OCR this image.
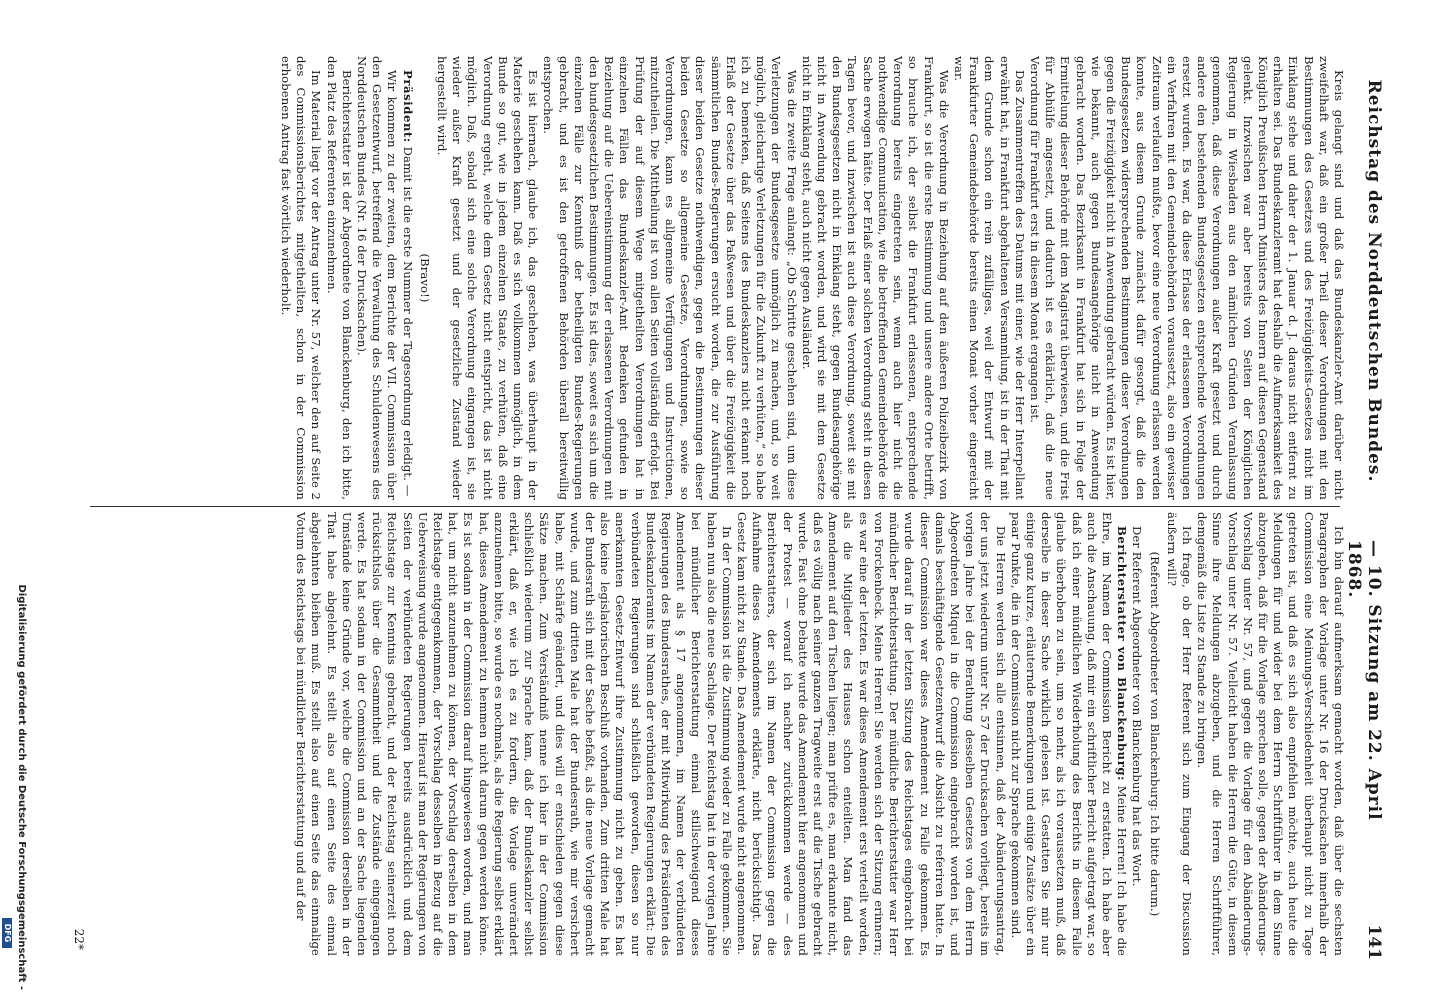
Reichstag des Norddeutschen Bundes.
— 10. Sitzung am 22. April 1868.
141

Kreis gelangt sind und daß das Bundeskanzler-Amt darüber nicht zweifelhaft war, daß ein großer Theil dieser Verordnungen mit den Bestimmungen des Gesetzes und des Freizügigkeits-Gesetzes nicht im Einklang stehe und daher der 1. Januar d. J. daraus nicht entfernt zu erhalten sei. Das Bundeskanzleramt hat deshalb die Aufmerksamkeit des Königlich Preußischen Herrn Ministers des Innern auf diesen Gegenstand gelenkt. Inzwischen war aber bereits von Seiten der Königlichen Regierung in Wiesbaden aus den nämlichen Gründen Veranlassung genommen, daß diese Verordnungen außer Kraft gesetzt und durch andere den bestehenden Bundesgesetzen entsprechende Verordnungen ersetzt wurden. Es war, da diese Erlasse der erlassenen Verordnungen ein Verfahren mit den Gemeindebehörden voraussetzt, also ein gewisser Zeitraum verlaufen mußte, bevor eine neue Verordnung erlassen werden konnte, aus diesem Grunde zunächst dafür gesorgt, daß die den Bundesgesetzen widersprechenden Bestimmungen dieser Verordnungen gegen die Freizügigkeit nicht in Anwendung gebracht würden. Es ist hier, wie bekannt, auch gegen Bundesangehörige nicht in Anwendung gebracht worden. Das Bezirksamt in Frankfurt hat sich in Folge der Ermittelung dieser Behörde mit dem Magistrat überwiesen, und die Frist für Abhülfe angesetzt, und dadurch ist es erklärlich, daß die neue Verordnung für Frankfurt erst in diesem Monat ergangen ist.

Das Zusammentreffen des Datums mit einer, wie der Herr Interpellant erwähnt hat, in Frankfurt abgehaltenen Versammlung, ist in der That mit dem Grunde schon ein rein zufälliges, weil der Entwurf mit der Frankfurter Gemeindebehörde bereits einen Monat vorher eingereicht war.

Was die Verordnung in Beziehung auf den äußeren Polizeibezirk von Frankfurt, so ist die erste Bestimmung und unsere andere Orte betrifft, so brauche ich, der selbst die Frankfurt erlassenen, entsprechende Verordnung bereits eingetreten sein, wenn auch hier nicht die nothwendige Communication, wie die betreffenden Gemeindebehörde die Sache erwogen hätte. Der Erlaß einer solchen Verordnung steht in diesen Tagen bevor, und inzwischen ist auch diese Verordnung, soweit sie mit den Bundesgesetzen nicht in Einklang steht, gegen Bundesangehörige nicht in Anwendung gebracht worden, und wird sie mit dem Gesetze nicht in Einklang steht, auch nicht gegen Ausländer.

Was die zweite Frage anlangt: „Ob Schritte geschehen sind, um diese Verletzungen der Bundesgesetze unmöglich zu machen, und, so weit möglich, gleichartige Verletzungen für die Zukunft zu verhüten,“ so habe ich zu bemerken, daß Seitens des Bundeskanzlers nicht erkannt noch Erlaß der Gesetze über das Paßwesen und über die Freizügigkeit die sämmtlichen Bundes-Regierungen ersucht worden, die zur Ausführung dieser beiden Gesetze nothwendigen, gegen die Bestimmungen dieser beiden Gesetze so allgemeine Gesetze, Verordnungen, sowie so Verordnungen, kann es allgemeine Verfügungen und Instructionen, mitzutheilen. Die Mittheilung ist von allen Seiten vollständig erfolgt. Bei Prüfung der auf diesem Wege mitgetheilten Verordnungen hat in einzelnen Fällen das Bundeskanzler-Amt Bedenken gefunden in Beziehung auf die Uebereinstimmung der erlassenen Verordnungen mit den bundesgesetzlichen Bestimmungen. Es ist dies, soweit es sich um die einzelnen Fälle zur Kenntniß der betheiligten Bundes-Regierungen gebracht, und es ist den getroffenen Behörden überall bereitwillig entsprochen.

Es ist hiernach, glaube ich, das geschehen, was überhaupt in der Materie geschehen kann. Daß es sich vollkommen unmöglich, in dem Bunde so gut, wie in jedem einzelnen Staate, zu verhüten, daß eine Verordnung ergeht, welche dem Gesetz nicht entspricht, das ist nicht möglich. Daß, sobald sich eine solche Verordnung eingangen ist, sie wieder außer Kraft gesetzt und der gesetzliche Zustand wieder hergestellt wird.

(Bravo!)

Präsident: Damit ist die erste Nummer der Tagesordnung erledigt. —

Wir kommen zu der zweiten, dem Berichte der VII. Commission über den Gesetzentwurf, betreffend die Verwaltung des Schuldenwesens des Norddeutschen Bundes (Nr. 16 der Drucksachen).

Berichterstatter ist der Abgeordnete von Blanckenburg, den ich bitte, den Platz des Referenten einzunehmen.

Im Material liegt vor der Antrag unter Nr. 57, welcher den auf Seite 2 des Commissionsberichtes mitgetheilten, schon in der Commission erhobenen Antrag fast wörtlich wiederholt.

Ich bin darauf aufmerksam gemacht worden, daß über die sechsten Paragraphen der Vorlage unter Nr. 16 der Drucksachen innerhalb der Commission eine Meinungs-Verschiedenheit überhaupt nicht zu Tage getreten ist, und daß es sich also empfehlen möchte, auch heute die Meldungen für und wider bei dem Herrn Schriftführer in dem Sinne abzugeben, daß für die Vorlage sprechen solle, gegen der Abänderungs-Vorschlag unter Nr. 57, und gegen die Vorlage für den Abänderungs-Vorschlag unter Nr. 57. Vielleicht haben die Herren die Güte, in diesem Sinne ihre Meldungen abzugeben, und die Herren Schriftführer, demgemäß die Liste zu Stande zu bringen.

Ich frage, ob der Herr Referent sich zum Eingang der Discussion äußern will?

(Referent Abgeordneter von Blanckenburg: Ich bitte darum.)

Der Referent Abgeordneter von Blanckenburg hat das Wort.

Berichterstatter von Blanckenburg: Meine Herren! Ich habe die Ehre, im Namen der Commission Bericht zu erstatten. Ich habe aber auch die Anschauung, daß mir ein schriftlicher Bericht aufgetragt war, so daß ich einer mündlichen Wiederholung des Berichts in diesem Falle glaube überhoben zu sein, um so mehr, als ich voraussetzen muß, daß derselbe in dieser Sache wirklich gelesen ist. Gestatten Sie mir nur einige ganz kurze, erläuternde Bemerkungen und einige Zusätze über ein paar Punkte, die in der Commission nicht zur Sprache gekommen sind.

Die Herren werden sich alle entsinnen, daß der Abänderungsantrag, der uns jetzt wiederum unter Nr. 57 der Drucksachen vorliegt, bereits im vorigen Jahre bei der Berathung desselben Gesetzes von dem Herrn Abgeordneten Miquel in die Commission eingebracht worden ist, und damals beschäftigende Gesetzentwurf die Absicht zu referiren hatte. In dieser Commission war dieses Amendement zu Falle gekommen. Es wurde darauf in der letzten Sitzung des Reichstages eingebracht bei mündlicher Berichterstattung. Der mündliche Berichterstatter war Herr von Forckenbeck. Meine Herren! Sie werden sich der Sitzung erinnern; es war eine der letzten. Es war dieses Amendement erst verteilt worden, als die Mitglieder des Hauses schon enteilten. Man fand das Amendement auf den Tischen liegen; man prüfte es, man erkannte nicht, daß es völlig nach seiner ganzen Tragweite erst auf die Tische gebracht wurde. Fast ohne Debatte wurde das Amendement hier angenommen und der Protest — worauf ich nachher zurückkommen werde — des Berichterstatters, der sich im Namen der Commission gegen die Aufnahme dieses Amendements erklärte, nicht berücksichtigt. Das Gesetz kam nicht zu Stande. Das Amendement wurde nicht angenommen.

In der Commission ist die Zustimmung wieder zu Falle gekommen. Sie haben nun also die neue Sachlage. Der Reichstag hat in der vorigen Jahre bei mündlicher Berichterstattung einmal stillschweigend dieses Amendement als § 17 angenommen, im Namen der verbündeten Regierungen des Bundesrathes, der mit Mitwirkung des Präsidenten des Bundeskanzleramts im Namen der verbündeten Regierungen erklärt: Die verbündeten Regierungen sind schließlich geworden, diesen so nur anerkannten Gesetz-Entwurf ihre Zustimmung nicht zu geben. Es hat also keine legislatorischen Beschluß vorhanden. Zum dritten Male hat der Bundesrath sich mit der Sache befaßt, als die neue Vorlage gemacht wurde, und zum dritten Male hat der Bundesrath, wie mir versichert habe, mit Schärfe geändert, und dies will er entschieden gegen diese Sätze machen. Zum Verständniß nenne ich hier in der Commission schließlich wiederum zur Sprache kam, daß der Bundeskanzler selbst erklärt, daß er, wie ich es zu fordern, die Vorlage unverändert anzunehmen bitte, so wurde es nochmals, als die Regierung selbst erklärt hat, dieses Amendement zu hemmen nicht darum gegen werden könne. Es ist sodann in der Commission darauf hingewiesen worden, und man hat, um nicht anzunehmen zu können, der Vorschlag derselben in dem Reichstage entgegenkommen, der Vorschlag desselben in Bezug auf die Ueberweisung wurde angenommen. Hierauf ist man der Regierungen von Seiten der verbündeten Regierungen bereits ausdrücklich und dem Reichstage zur Kenntnis gebracht, und der Reichstag seinerzeit noch rücksichtslos über die Gesammtheit und die Zustände eingegangen werde. Es hat sodann in der Commission und an der Sache liegenden Umstände keine Gründe vor, welche die Commission derselben in der That habe abgelehnt. Es stellt also auf einen Seite des einmal abgelehnten bleiben muß. Es stellt also auf einen Seite das einmalige Votum des Reichstags bei mündlicher Berichterstattung und auf der

22*
Digitalisierung gefördert durch die Deutsche Forschungsgemeinschaft -
DFG
